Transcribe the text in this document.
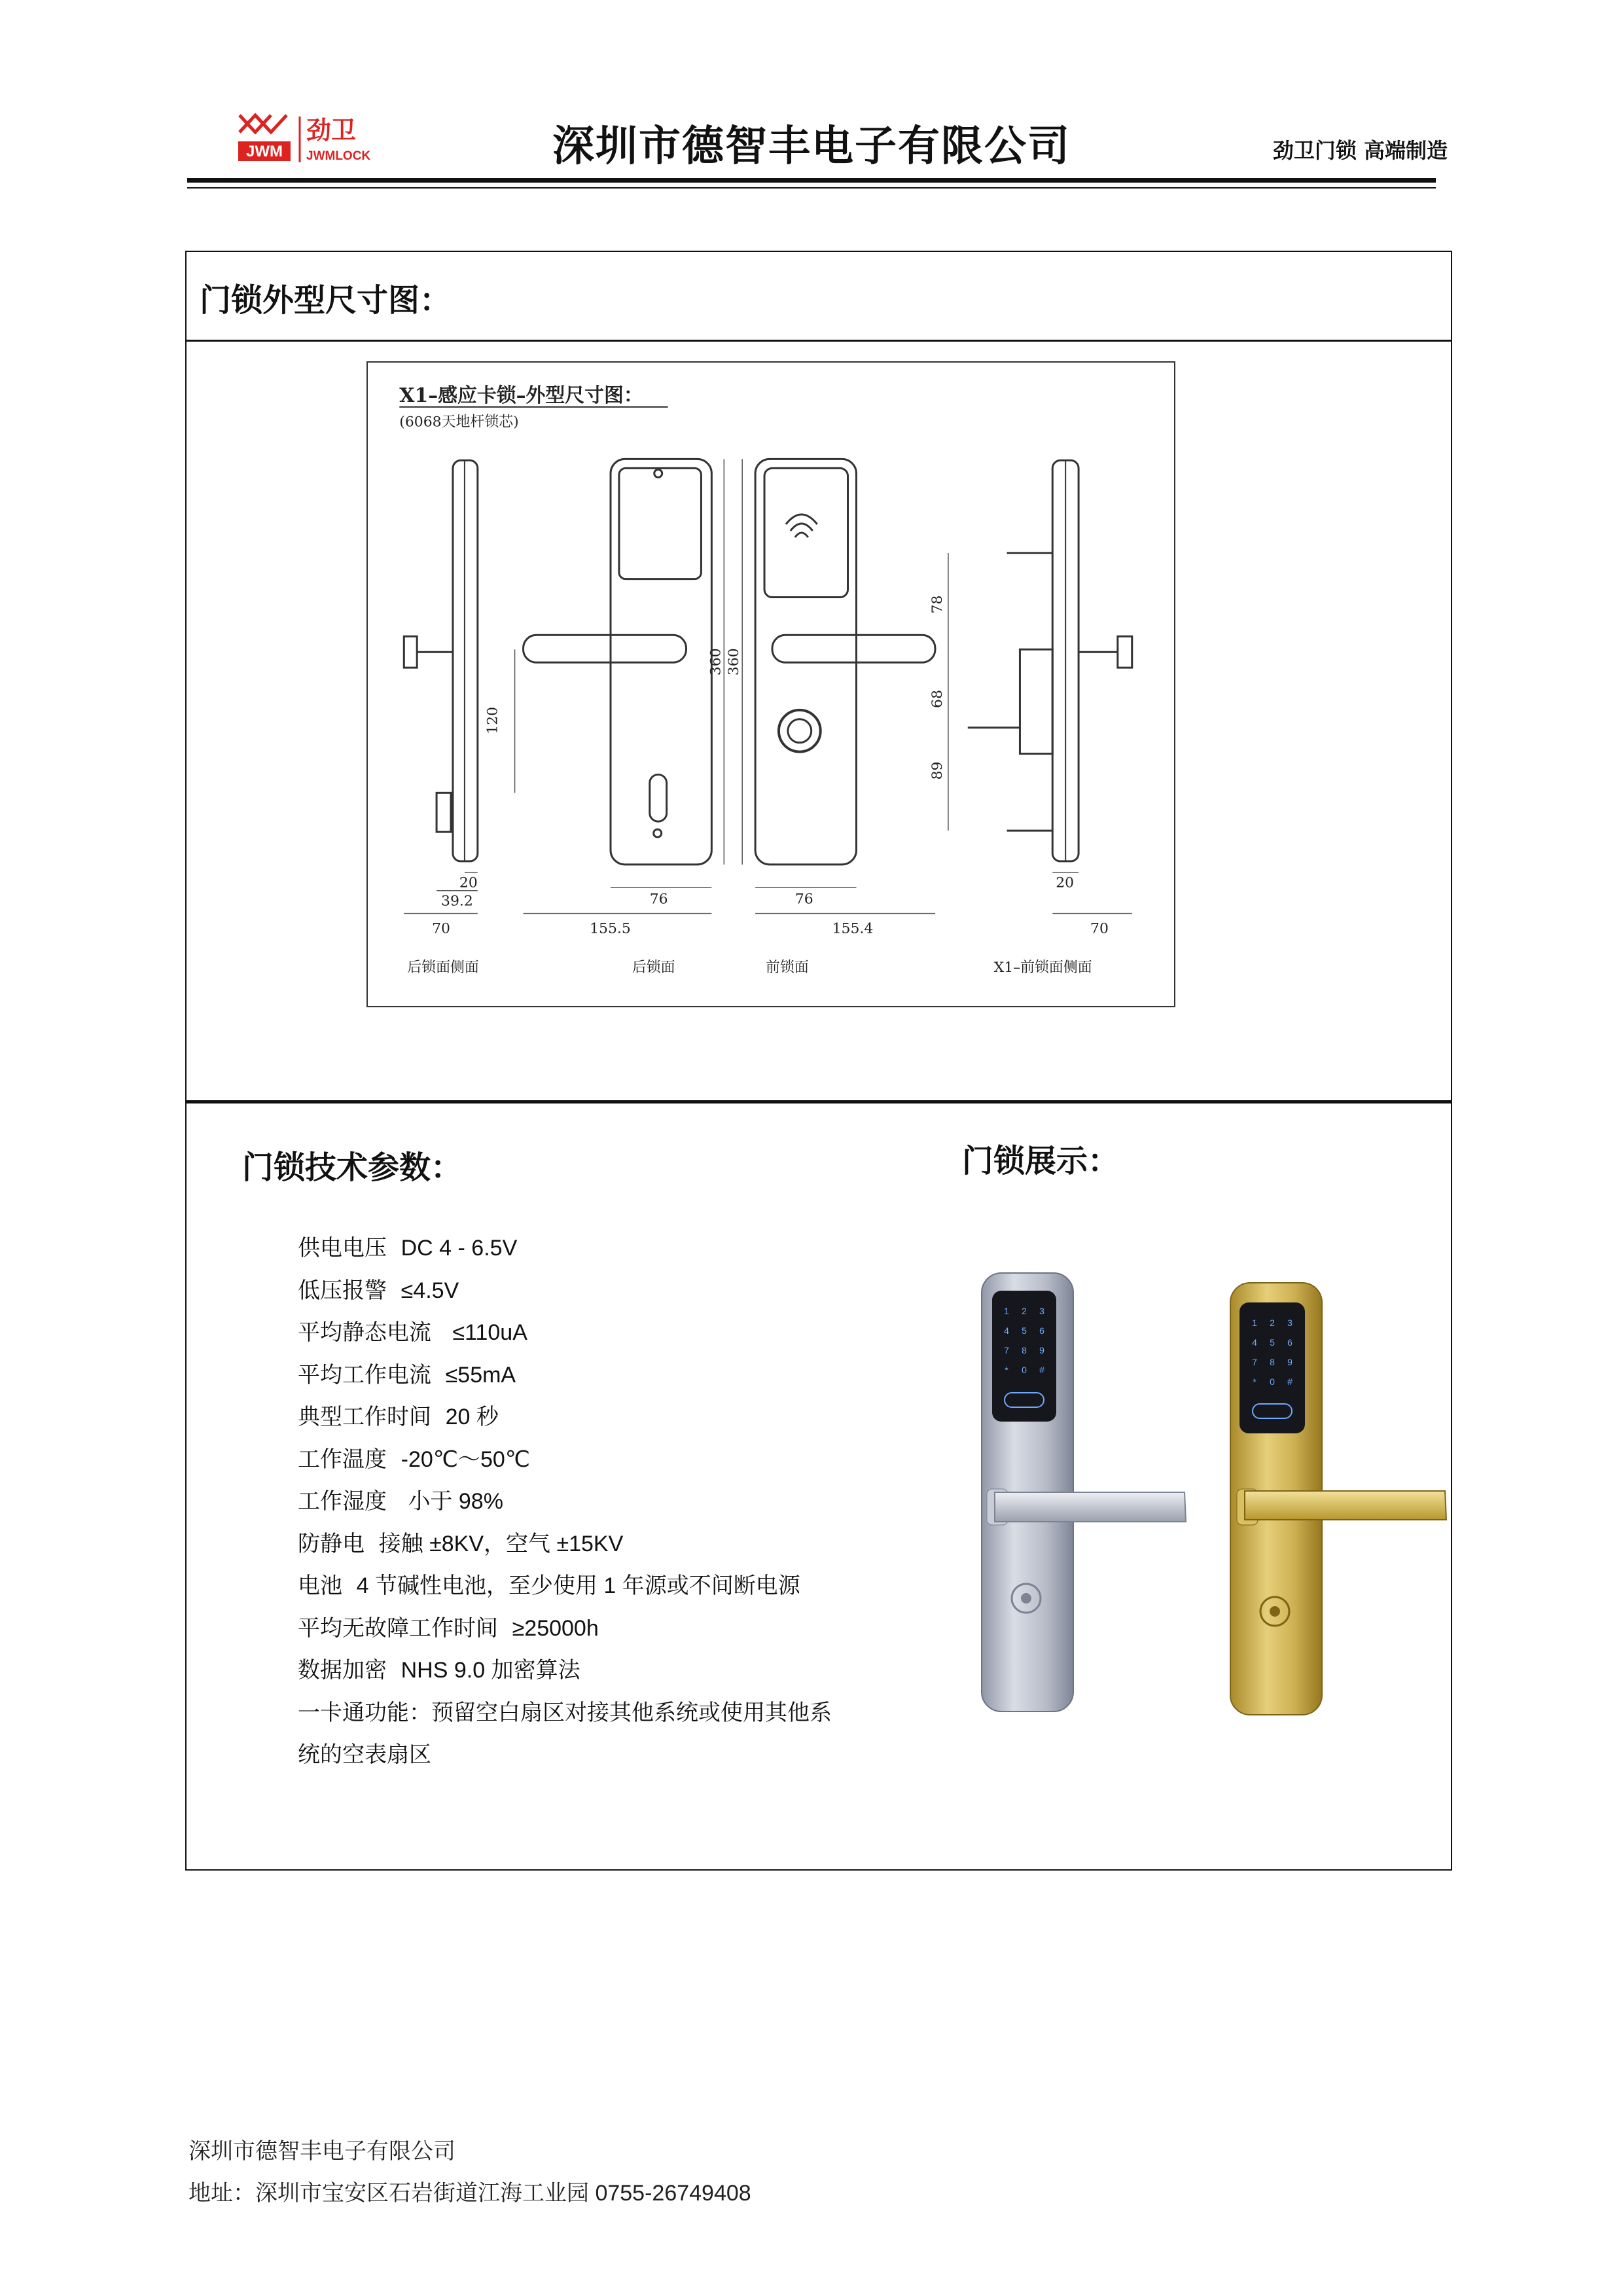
JWM
劲卫
JWMLOCK	深圳市德智丰电子有限公司	劲卫门锁 高端制造
门锁外型尺寸图：
X1–感应卡锁–外型尺寸图：
(6068天地杆锁芯)
70
39.2
20
120
155.5
76
360 360
76
155.4
78
68
89
20
70
后锁面侧面	后锁面	前锁面	X1–前锁面侧面
门锁技术参数：	门锁展示：
供电电压 DC 4 - 6.5V
低压报警 ≤4.5V
平均静态电流 ≤110uA
平均工作电流 ≤55mA
典型工作时间 20 秒
工作温度 -20℃～50℃
工作湿度 小于 98%
防静电 接触 ±8KV，空气 ±15KV
电池 4 节碱性电池，至少使用 1 年源或不间断电源
平均无故障工作时间 ≥25000h
数据加密 NHS 9.0 加密算法
一卡通功能：预留空白扇区对接其他系统或使用其他系
统的空表扇区
1 2 3
4 5 6
7 8 9
* 0 #
1 2 3
4 5 6
7 8 9
* 0 #
深圳市德智丰电子有限公司
地址：深圳市宝安区石岩街道江海工业园 0755-26749408
